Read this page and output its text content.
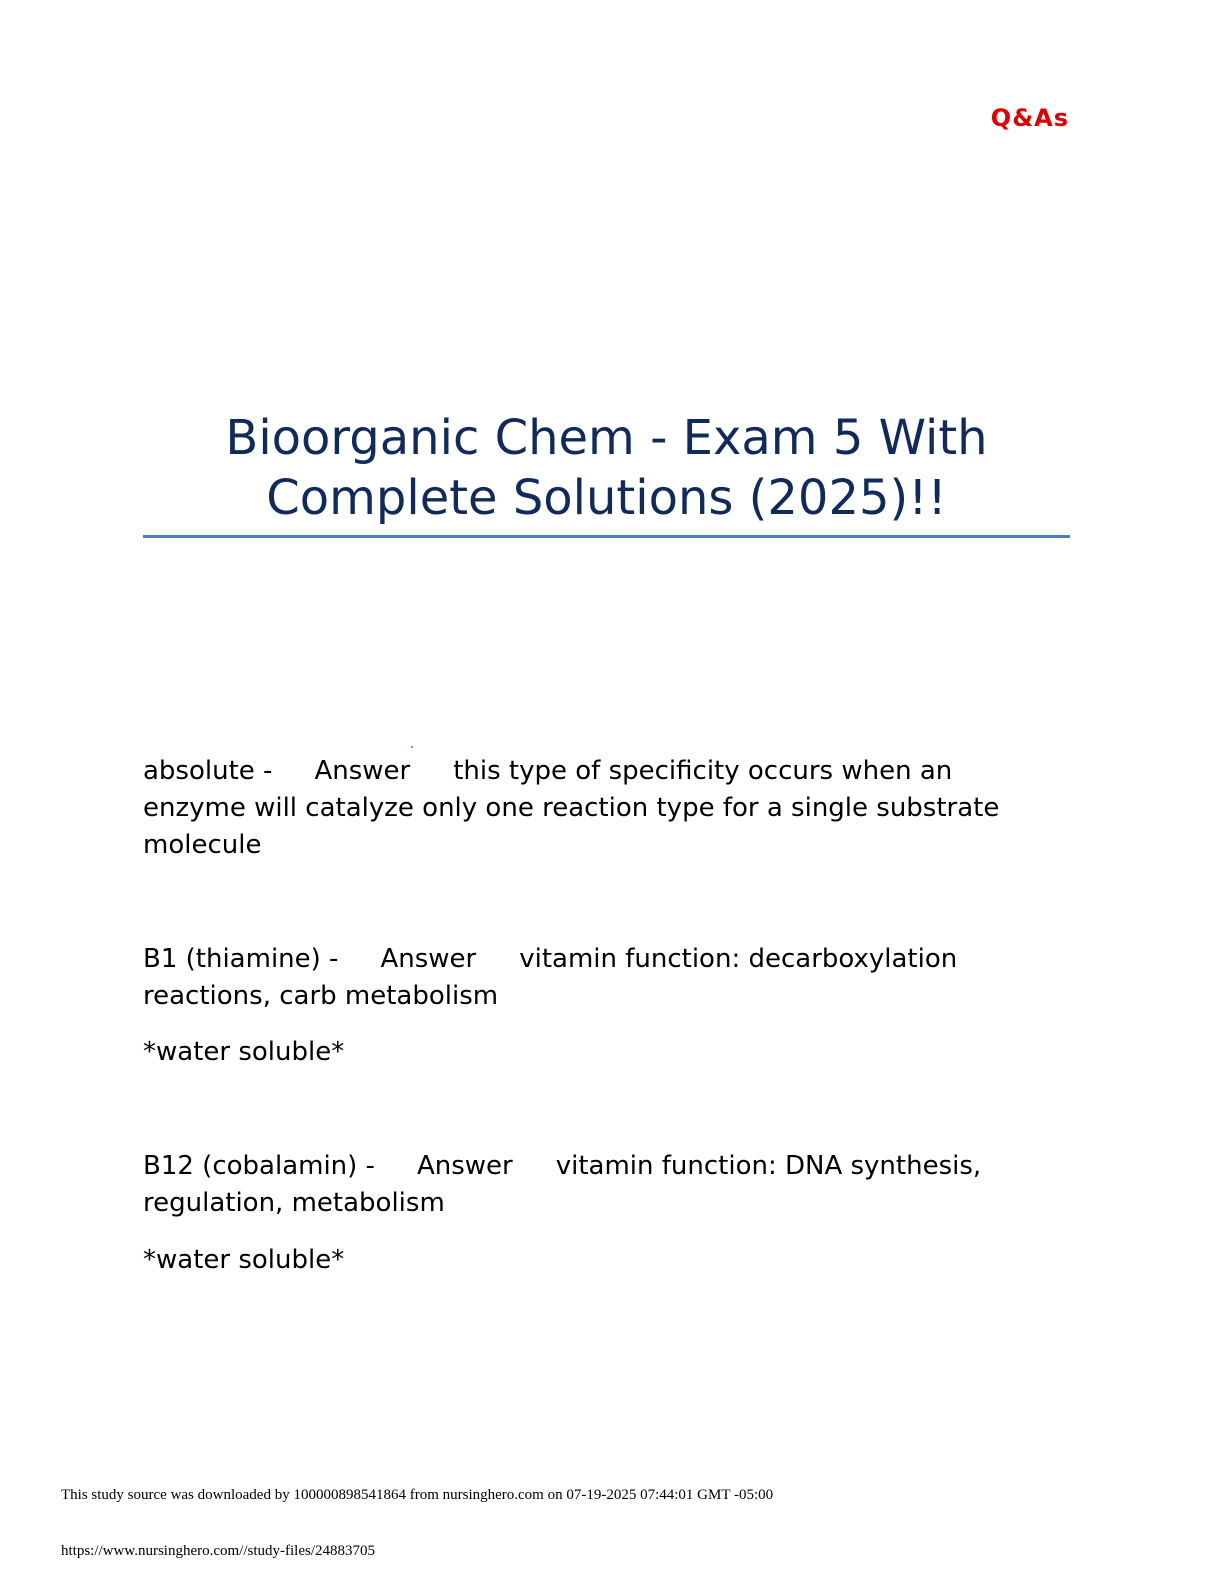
Q&As
Bioorganic Chem - Exam 5 With
Complete Solutions (2025)!!
absolute - Answer this type of specificity occurs when an
enzyme will catalyze only one reaction type for a single substrate
molecule
B1 (thiamine) - Answer vitamin function: decarboxylation
reactions, carb metabolism
*water soluble*
B12 (cobalamin) - Answer vitamin function: DNA synthesis,
regulation, metabolism
*water soluble*
This study source was downloaded by 100000898541864 from nursinghero.com on 07-19-2025 07:44:01 GMT -05:00
https://www.nursinghero.com//study-files/24883705
